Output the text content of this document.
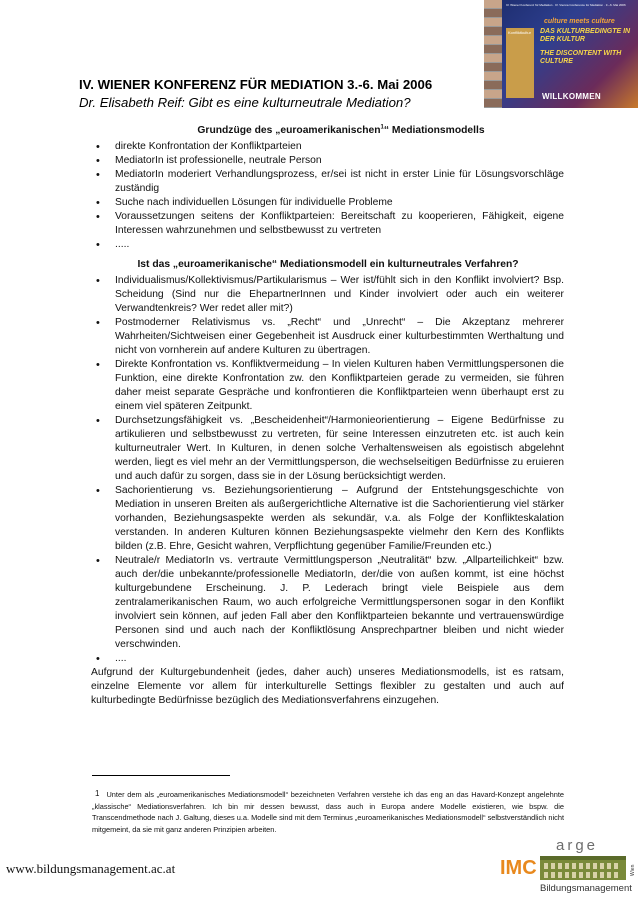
IV. Wiener Konferenz für Mediation · IV. Vienna Conference for Mediation · 3.–6. Mai 2006
Konfliktkultur
culture meets culture
DAS KULTURBEDINGTE IN DER KULTUR
THE DISCONTENT WITH CULTURE
WILLKOMMEN
IV. WIENER KONFERENZ FÜR MEDIATION 3.-6. Mai 2006
Dr. Elisabeth Reif: Gibt es eine kulturneutrale Mediation?
Grundzüge des „euroamerikanischen$^1$“ Mediationsmodells
• direkte Konfrontation der Konfliktparteien
• MediatorIn ist professionelle, neutrale Person
• MediatorIn moderiert Verhandlungsprozess, er/sei ist nicht in erster Linie für Lösungsvorschläge zuständig
• Suche nach individuellen Lösungen für individuelle Probleme
• Voraussetzungen seitens der Konfliktparteien: Bereitschaft zu kooperieren, Fähigkeit, eigene Interessen wahrzunehmen und selbstbewusst zu vertreten
• .....
Ist das „euroamerikanische“ Mediationsmodell ein kulturneutrales Verfahren?
• Individualismus/Kollektivismus/Partikularismus – Wer ist/fühlt sich in den Konflikt involviert? Bsp. Scheidung (Sind nur die EhepartnerInnen und Kinder involviert oder auch ein weiterer Verwandtenkreis? Wer redet aller mit?)
• Postmoderner Relativismus vs. „Recht“ und „Unrecht“ – Die Akzeptanz mehrerer Wahrheiten/Sichtweisen einer Gegebenheit ist Ausdruck einer kulturbestimmten Werthaltung und nicht von vornherein auf andere Kulturen zu übertragen.
• Direkte Konfrontation vs. Konfliktvermeidung – In vielen Kulturen haben Vermittlungspersonen die Funktion, eine direkte Konfrontation zw. den Konfliktparteien gerade zu vermeiden, sie führen daher meist separate Gespräche und konfrontieren die Konfliktparteien wenn überhaupt erst zu einem viel späteren Zeitpunkt.
• Durchsetzungsfähigkeit vs. „Bescheidenheit“/Harmonieorientierung – Eigene Bedürfnisse zu artikulieren und selbstbewusst zu vertreten, für seine Interessen einzutreten etc. ist auch kein kulturneutraler Wert. In Kulturen, in denen solche Verhaltensweisen als egoistisch abgelehnt werden, liegt es viel mehr an der Vermittlungsperson, die wechselseitigen Bedürfnisse zu eruieren und auch dafür zu sorgen, dass sie in der Lösung berücksichtigt werden.
• Sachorientierung vs. Beziehungsorientierung – Aufgrund der Entstehungsgeschichte von Mediation in unseren Breiten als außergerichtliche Alternative ist die Sachorientierung viel stärker vorhanden, Beziehungsaspekte werden als sekundär, v.a. als Folge der Konflikteskalation verstanden. In anderen Kulturen können Beziehungsaspekte vielmehr den Kern des Konflikts bilden (z.B. Ehre, Gesicht wahren, Verpflichtung gegenüber Familie/Freunden etc.)
• Neutrale/r MediatorIn vs. vertraute Vermittlungsperson „Neutralität“ bzw. „Allparteilichkeit“ bzw. auch der/die unbekannte/professionelle MediatorIn, der/die von außen kommt, ist eine höchst kulturgebundene Erscheinung. J. P. Lederach bringt viele Beispiele aus dem zentralamerikanischen Raum, wo auch erfolgreiche Vermittlungspersonen sogar in den Konflikt involviert sein können, auf jeden Fall aber den Konfliktparteien bekannte und vertrauenswürdige Personen sind und auch nach der Konfliktlösung Ansprechpartner bleiben und nicht wieder verschwinden.
• ....
Aufgrund der Kulturgebundenheit (jedes, daher auch) unseres Mediationsmodells, ist es ratsam, einzelne Elemente vor allem für interkulturelle Settings flexibler zu gestalten und auch auf kulturbedingte Bedürfnisse bezüglich des Mediationsverfahrens einzugehen.
1 Unter dem als „euroamerikanisches Mediationsmodell“ bezeichneten Verfahren verstehe ich das eng an das Havard-Konzept angelehnte „klassische“ Mediationsverfahren. Ich bin mir dessen bewusst, dass auch in Europa andere Modelle existieren, wie bspw. die Transcendmethode nach J. Galtung, dieses u.a. Modelle sind mit dem Terminus „euroamerikanisches Mediationsmodell“ selbstverständlich nicht mitgemeint, da sie mit ganz anderen Prinzipien arbeiten.
www.bildungsmanagement.ac.at	IMC
arge
Bildungsmanagement
Wien
